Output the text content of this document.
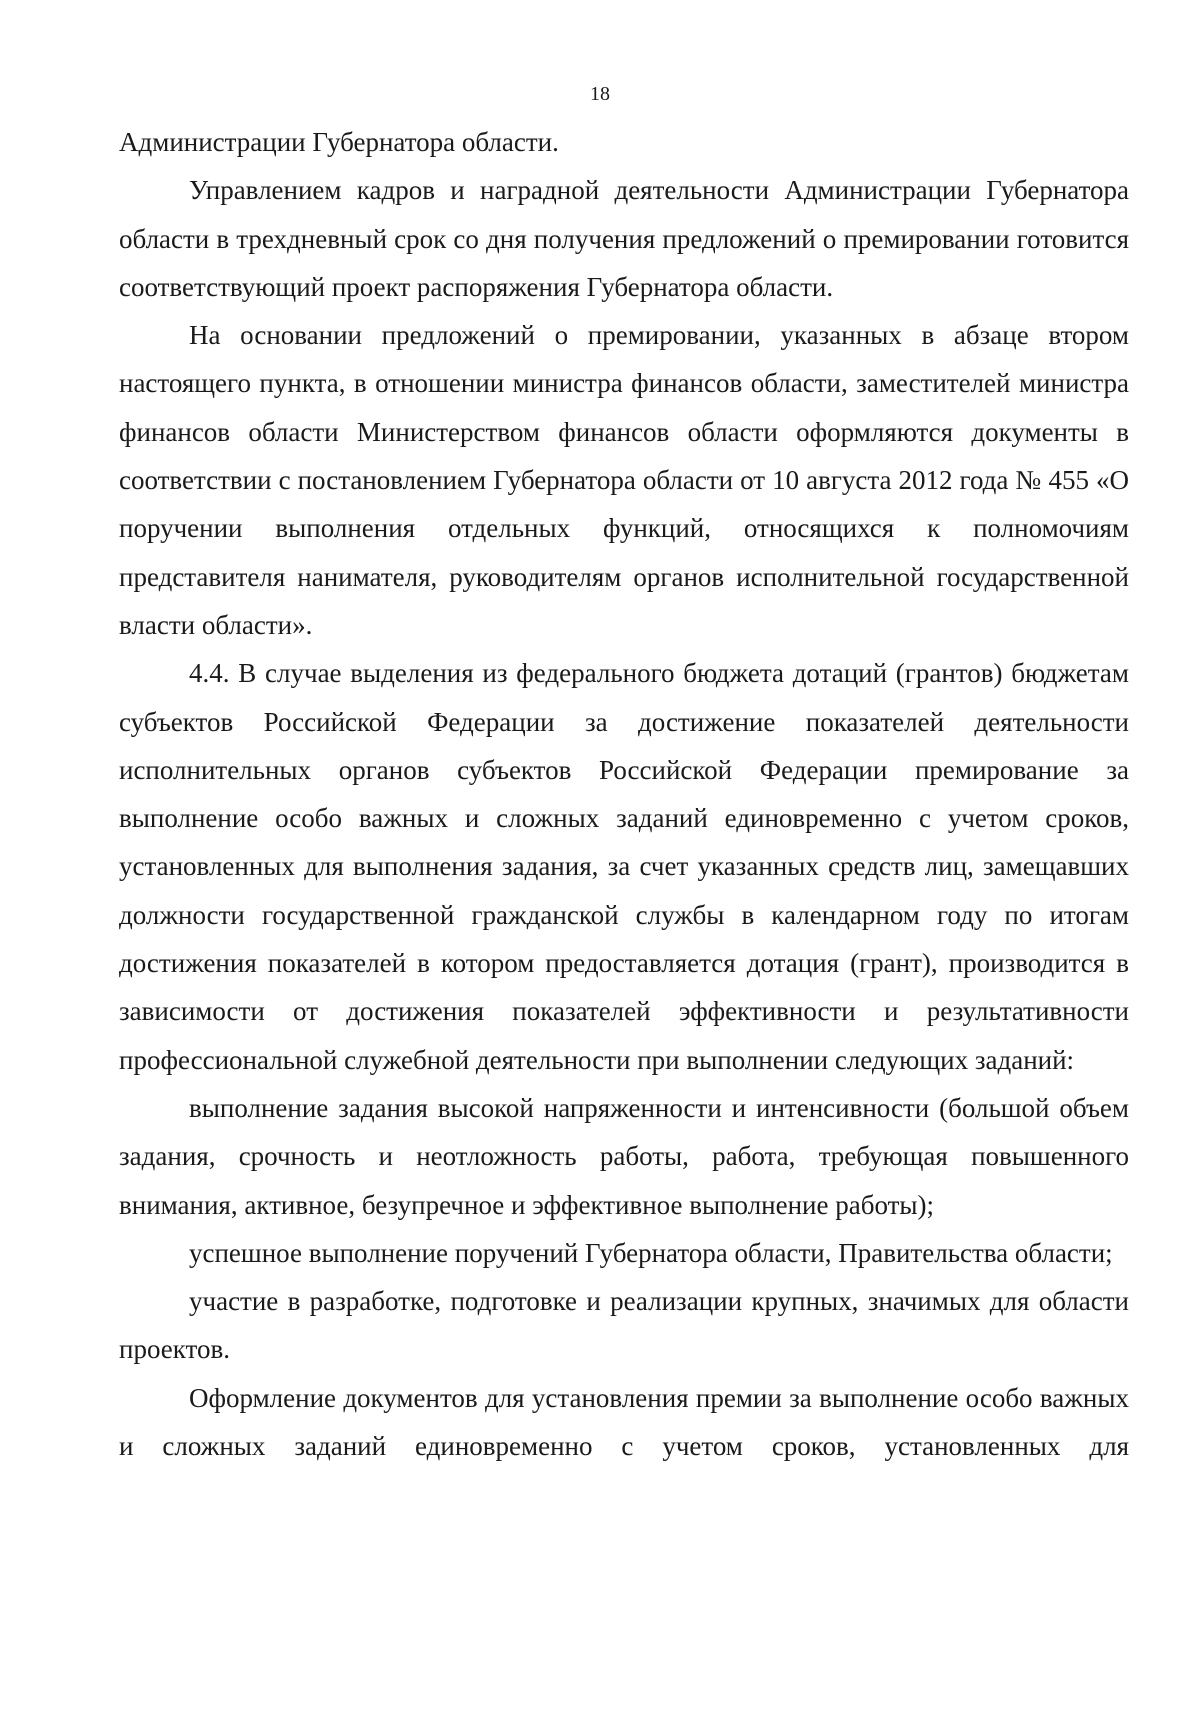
18

Администрации Губернатора области.

Управлением кадров и наградной деятельности Администрации Губернатора области в трехдневный срок со дня получения предложений о премировании готовится соответствующий проект распоряжения Губернатора области.

На основании предложений о премировании, указанных в абзаце втором настоящего пункта, в отношении министра финансов области, заместителей министра финансов области Министерством финансов области оформляются документы в соответствии с постановлением Губернатора области от 10 августа 2012 года № 455 «О поручении выполнения отдельных функций, относящихся к полномочиям представителя нанимателя, руководителям органов исполнительной государственной власти области».

4.4. В случае выделения из федерального бюджета дотаций (грантов) бюджетам субъектов Российской Федерации за достижение показателей деятельности исполнительных органов субъектов Российской Федерации премирование за выполнение особо важных и сложных заданий единовременно с учетом сроков, установленных для выполнения задания, за счет указанных средств лиц, замещавших должности государственной гражданской службы в календарном году по итогам достижения показателей в котором предоставляется дотация (грант), производится в зависимости от достижения показателей эффективности и результативности профессиональной служебной деятельности при выполнении следующих заданий:

выполнение задания высокой напряженности и интенсивности (большой объем задания, срочность и неотложность работы, работа, требующая повышенного внимания, активное, безупречное и эффективное выполнение работы);

успешное выполнение поручений Губернатора области, Правительства области;

участие в разработке, подготовке и реализации крупных, значимых для области проектов.

Оформление документов для установления премии за выполнение особо важных и сложных заданий единовременно с учетом сроков, установленных для
